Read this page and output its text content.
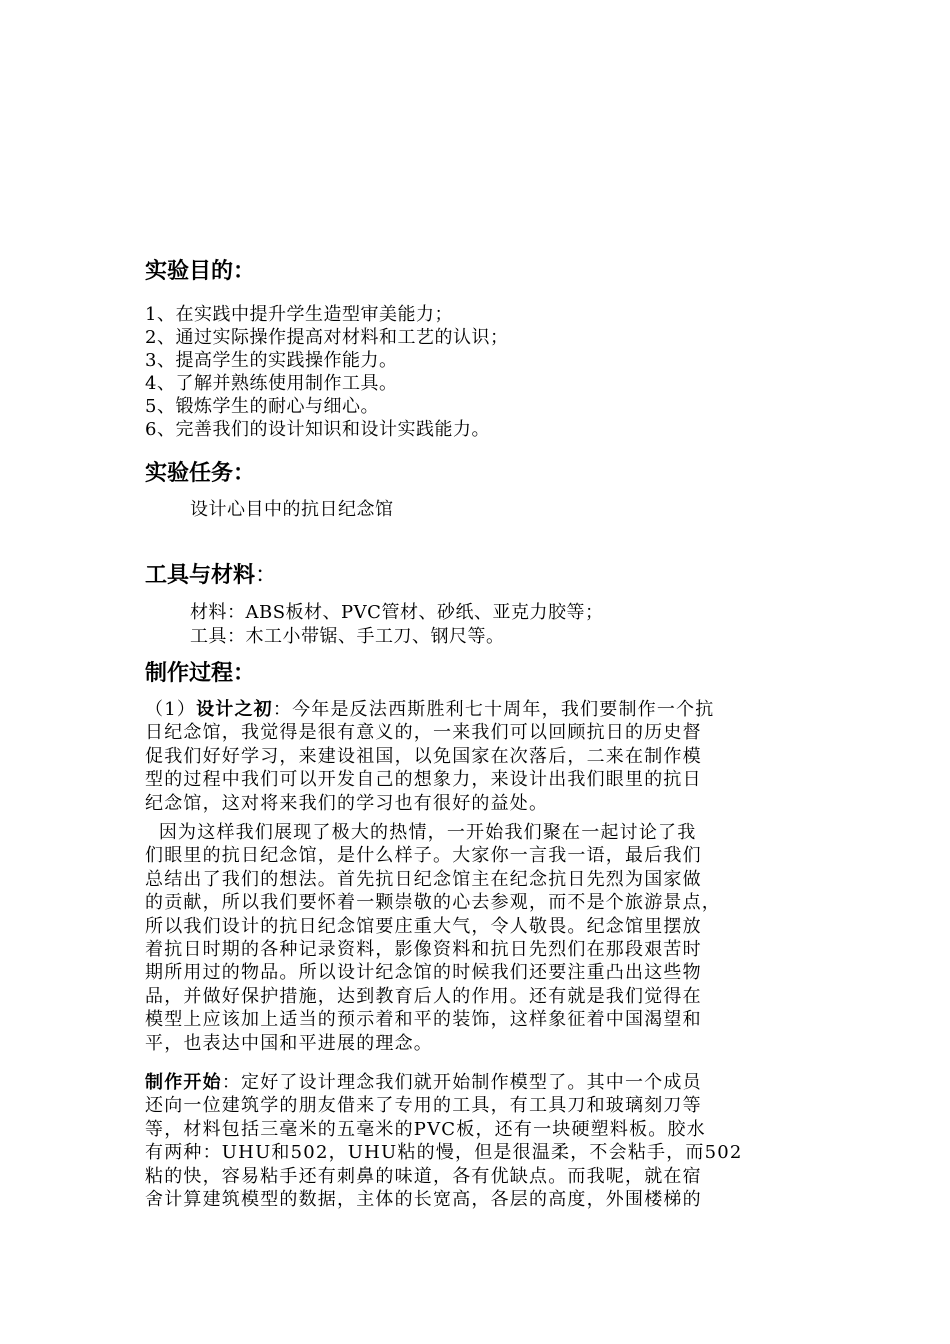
实验目的：
1、在实践中提升学生造型审美能力；
2、通过实际操作提高对材料和工艺的认识；
3、提高学生的实践操作能力。
4、了解并熟练使用制作工具。
5、锻炼学生的耐心与细心。
6、完善我们的设计知识和设计实践能力。
实验任务：

设计心目中的抗日纪念馆

工具与材料：

材料：ABS板材、PVC管材、砂纸、亚克力胶等；

工具：木工小带锯、手工刀、钢尺等。

制作过程：
（1）设计之初：今年是反法西斯胜利七十周年，我们要制作一个抗
日纪念馆，我觉得是很有意义的，一来我们可以回顾抗日的历史督
促我们好好学习，来建设祖国，以免国家在次落后，二来在制作模
型的过程中我们可以开发自己的想象力，来设计出我们眼里的抗日
纪念馆，这对将来我们的学习也有很好的益处。
因为这样我们展现了极大的热情，一开始我们聚在一起讨论了我
们眼里的抗日纪念馆，是什么样子。大家你一言我一语，最后我们
总结出了我们的想法。首先抗日纪念馆主在纪念抗日先烈为国家做
的贡献，所以我们要怀着一颗崇敬的心去参观，而不是个旅游景点，
所以我们设计的抗日纪念馆要庄重大气，令人敬畏。纪念馆里摆放
着抗日时期的各种记录资料，影像资料和抗日先烈们在那段艰苦时
期所用过的物品。所以设计纪念馆的时候我们还要注重凸出这些物
品，并做好保护措施，达到教育后人的作用。还有就是我们觉得在
模型上应该加上适当的预示着和平的装饰，这样象征着中国渴望和
平，也表达中国和平进展的理念。
制作开始：定好了设计理念我们就开始制作模型了。其中一个成员
还向一位建筑学的朋友借来了专用的工具，有工具刀和玻璃刻刀等
等，材料包括三毫米的五毫米的PVC板，还有一块硬塑料板。胶水
有两种：UHU和502，UHU粘的慢，但是很温柔，不会粘手，而502
粘的快，容易粘手还有刺鼻的味道，各有优缺点。而我呢，就在宿
舍计算建筑模型的数据，主体的长宽高，各层的高度，外围楼梯的
